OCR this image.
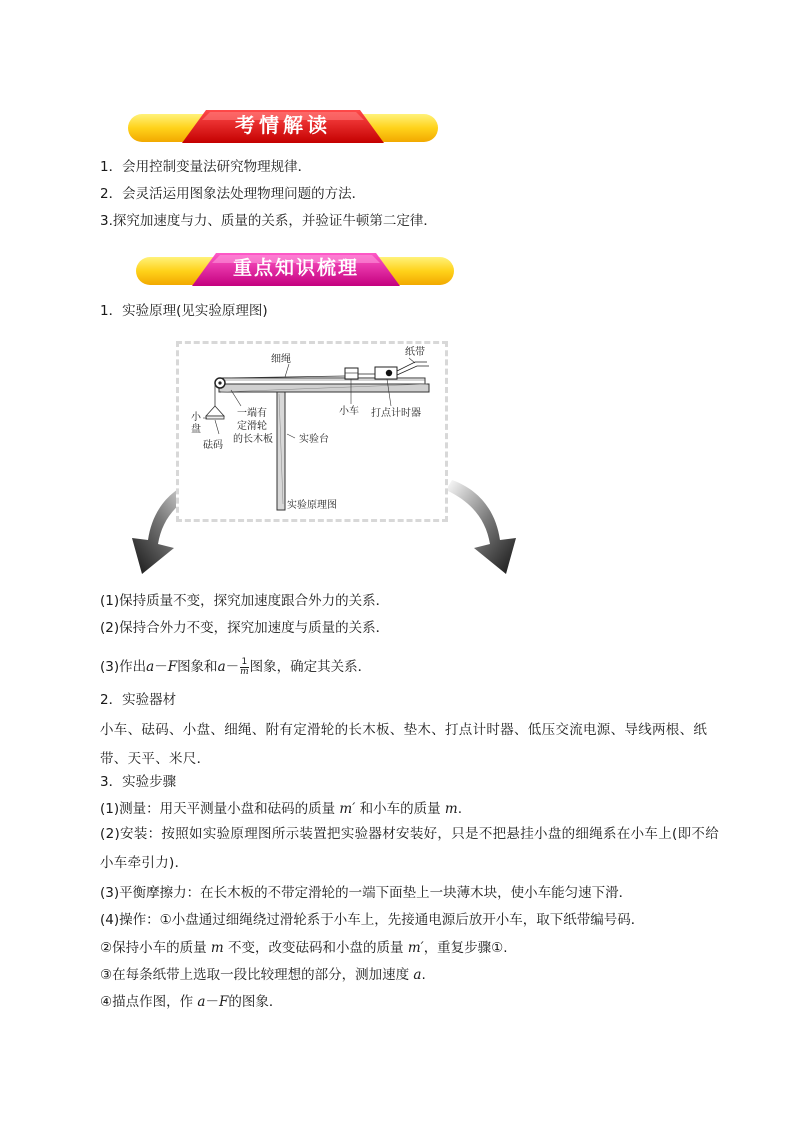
考情解读
1．会用控制变量法研究物理规律．
2．会灵活运用图象法处理物理问题的方法．
3.探究加速度与力、质量的关系，并验证牛顿第二定律．
重点知识梳理
1．实验原理(见实验原理图)
细绳
纸带
小车 打点计时器
小
盘
砝码
一端有
定滑轮
的长木板	实验台
实验原理图
(1)保持质量不变，探究加速度跟合外力的关系．
(2)保持合外力不变，探究加速度与质量的关系．
(3)作出a－F图象和$a- \frac{1}{m}$ 图象，确定其关系．
2．实验器材
小车、砝码、小盘、细绳、附有定滑轮的长木板、垫木、打点计时器、低压交流电源、导线两根、纸带、天平、米尺．
3．实验步骤
(1)测量：用天平测量小盘和砝码的质量 m′ 和小车的质量 m.
(2)安装：按照如实验原理图所示装置把实验器材安装好，只是不把悬挂小盘的细绳系在小车上(即不给小车牵引力)．
(3)平衡摩擦力：在长木板的不带定滑轮的一端下面垫上一块薄木块，使小车能匀速下滑．
(4)操作：①小盘通过细绳绕过滑轮系于小车上，先接通电源后放开小车，取下纸带编号码．
②保持小车的质量 m 不变，改变砝码和小盘的质量 m′，重复步骤①.
③在每条纸带上选取一段比较理想的部分，测加速度 a.
④描点作图，作 a－F的图象．
